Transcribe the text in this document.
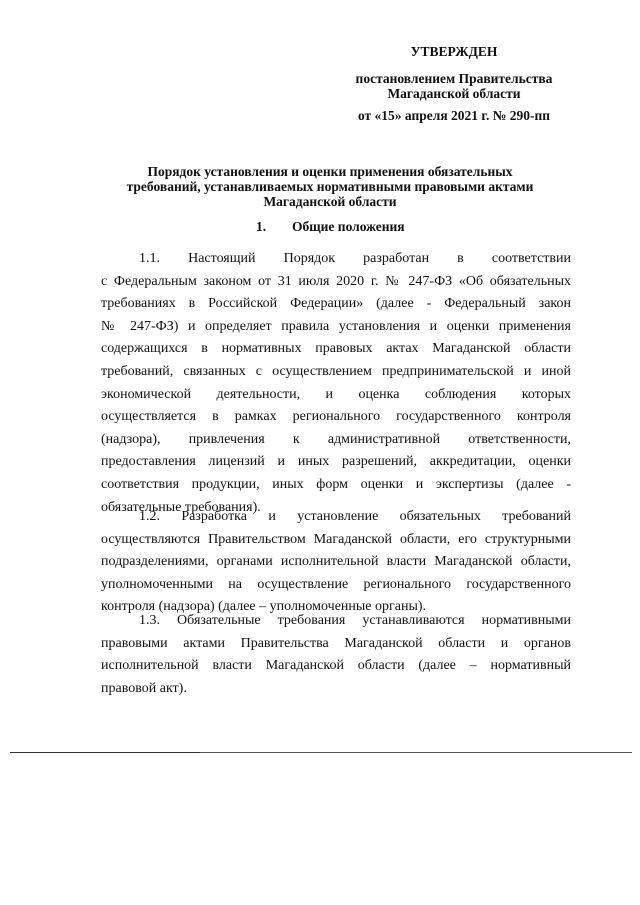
УТВЕРЖДЕН
постановлением Правительства
Магаданской области
от «15» апреля 2021 г. № 290-пп
Порядок установления и оценки применения обязательных
требований, устанавливаемых нормативными правовыми актами
Магаданской области
1. Общие положения
1.1. Настоящий Порядок разработан в соответствии
с Федеральным законом от 31 июля 2020 г. № 247-ФЗ «Об обязательных
требованиях в Российской Федерации» (далее - Федеральный закон
№ 247-ФЗ) и определяет правила установления и оценки применения
содержащихся в нормативных правовых актах Магаданской области
требований, связанных с осуществлением предпринимательской и иной
экономической деятельности, и оценка соблюдения которых
осуществляется в рамках регионального государственного контроля
(надзора), привлечения к административной ответственности,
предоставления лицензий и иных разрешений, аккредитации, оценки
соответствия продукции, иных форм оценки и экспертизы (далее -
обязательные требования).
1.2. Разработка и установление обязательных требований
осуществляются Правительством Магаданской области, его структурными
подразделениями, органами исполнительной власти Магаданской области,
уполномоченными на осуществление регионального государственного
контроля (надзора) (далее – уполномоченные органы).
1.3. Обязательные требования устанавливаются нормативными
правовыми актами Правительства Магаданской области и органов
исполнительной власти Магаданской области (далее – нормативный
правовой акт).
